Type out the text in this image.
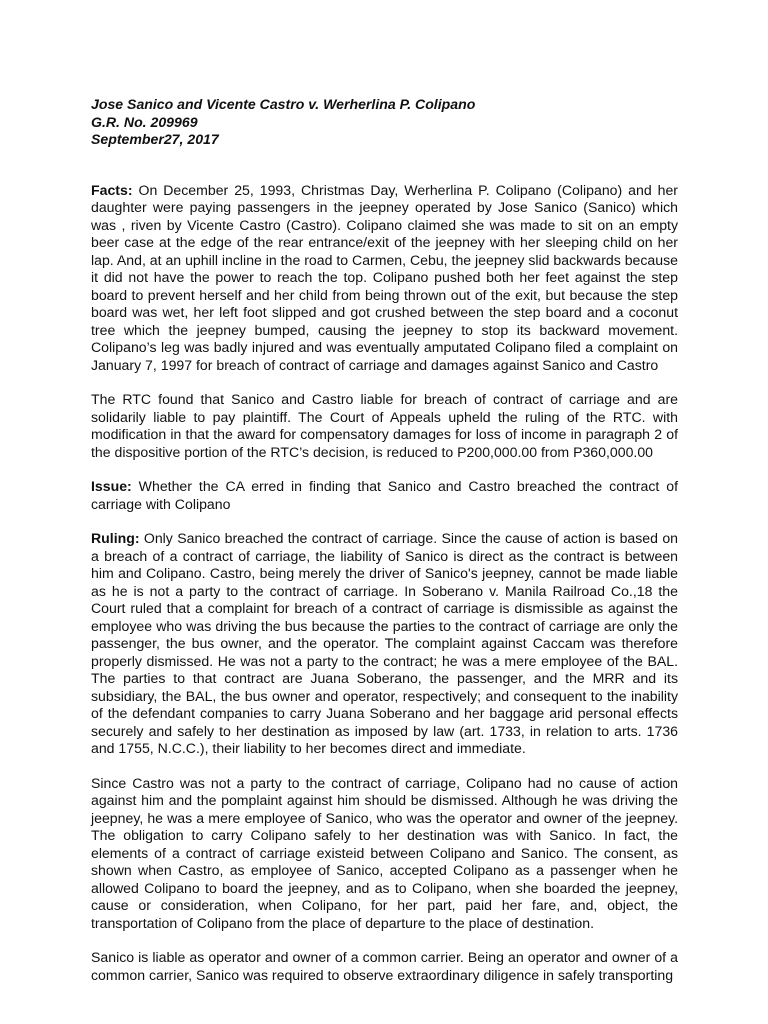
Jose Sanico and Vicente Castro v. Werherlina P. Colipano

G.R. No. 209969

September27, 2017

Facts: On December 25, 1993, Christmas Day, Werherlina P. Colipano (Colipano) and her daughter were paying passengers in the jeepney operated by Jose Sanico (Sanico) which was , riven by Vicente Castro (Castro). Colipano claimed she was made to sit on an empty beer case at the edge of the rear entrance/exit of the jeepney with her sleeping child on her lap. And, at an uphill incline in the road to Carmen, Cebu, the jeepney slid backwards because it did not have the power to reach the top. Colipano pushed both her feet against the step board to prevent herself and her child from being thrown out of the exit, but because the step board was wet, her left foot slipped and got crushed between the step board and a coconut tree which the jeepney bumped, causing the jeepney to stop its backward movement. Colipano’s leg was badly injured and was eventually amputated Colipano filed a complaint on January 7, 1997 for breach of contract of carriage and damages against Sanico and Castro

The RTC found that Sanico and Castro liable for breach of contract of carriage and are solidarily liable to pay plaintiff. The Court of Appeals upheld the ruling of the RTC. with modification in that the award for compensatory damages for loss of income in paragraph 2 of the dispositive portion of the RTC’s decision, is reduced to P200,000.00 from P360,000.00

Issue: Whether the CA erred in finding that Sanico and Castro breached the contract of carriage with Colipano

Ruling: Only Sanico breached the contract of carriage. Since the cause of action is based on a breach of a contract of carriage, the liability of Sanico is direct as the contract is between him and Colipano. Castro, being merely the driver of Sanico's jeepney, cannot be made liable as he is not a party to the contract of carriage. In Soberano v. Manila Railroad Co.,18 the Court ruled that a complaint for breach of a contract of carriage is dismissible as against the employee who was driving the bus because the parties to the contract of carriage are only the passenger, the bus owner, and the operator. The complaint against Caccam was therefore properly dismissed. He was not a party to the contract; he was a mere employee of the BAL. The parties to that contract are Juana Soberano, the passenger, and the MRR and its subsidiary, the BAL, the bus owner and operator, respectively; and consequent to the inability of the defendant companies to carry Juana Soberano and her baggage arid personal effects securely and safely to her destination as imposed by law (art. 1733, in relation to arts. 1736 and 1755, N.C.C.), their liability to her becomes direct and immediate.

Since Castro was not a party to the contract of carriage, Colipano had no cause of action against him and the pomplaint against him should be dismissed. Although he was driving the jeepney, he was a mere employee of Sanico, who was the operator and owner of the jeepney. The obligation to carry Colipano safely to her destination was with Sanico. In fact, the elements of a contract of carriage existeid between Colipano and Sanico. The consent, as shown when Castro, as employee of Sanico, accepted Colipano as a passenger when he allowed Colipano to board the jeepney, and as to Colipano, when she boarded the jeepney, cause or consideration, when Colipano, for her part, paid her fare, and, object, the transportation of Colipano from the place of departure to the place of destination.

Sanico is liable as operator and owner of a common carrier. Being an operator and owner of a common carrier, Sanico was required to observe extraordinary diligence in safely transporting
